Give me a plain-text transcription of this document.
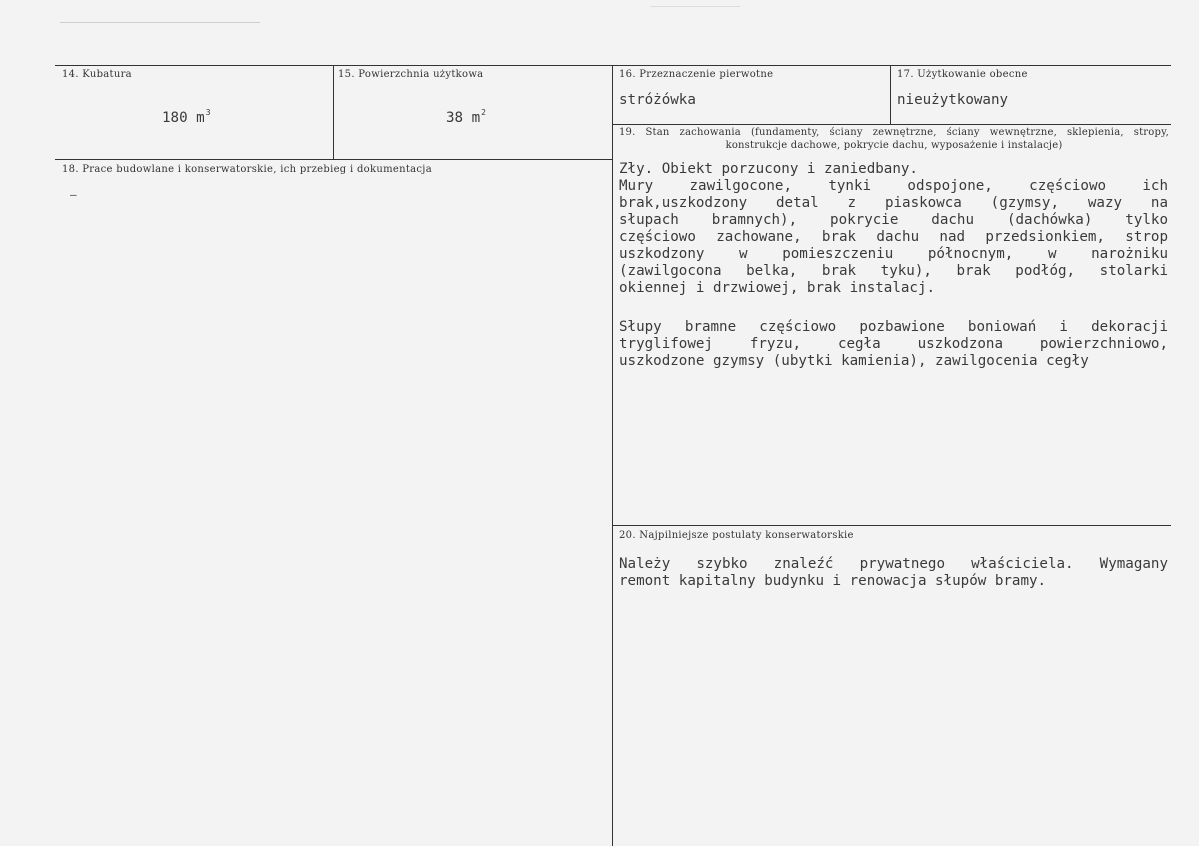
14. Kubatura
180 $m^3$
15. Powierzchnia użytkowa
38 $m^2$
16. Przeznaczenie pierwotne
stróżówka
17. Użytkowanie obecne
nieużytkowany
18. Prace budowlane i konserwatorskie, ich przebieg i dokumentacja
–
19. Stan zachowania (fundamenty, ściany zewnętrzne, ściany wewnętrzne, sklepienia, stropy, konstrukcje dachowe, pokrycie dachu, wyposażenie i instalacje)
Zły. Obiekt porzucony i zaniedbany.
Mury zawilgocone, tynki odspojone, częściowo ich
brak,uszkodzony detal z piaskowca (gzymsy, wazy na
słupach bramnych), pokrycie dachu (dachówka) tylko
częściowo zachowane, brak dachu nad przedsionkiem, strop
uszkodzony w pomieszczeniu północnym, w narożniku
(zawilgocona belka, brak tyku), brak podłóg, stolarki
okiennej i drzwiowej, brak instalacj.
Słupy bramne częściowo pozbawione boniowań i dekoracji
tryglifowej fryzu, cegła uszkodzona powierzchniowo,
uszkodzone gzymsy (ubytki kamienia), zawilgocenia cegły
20. Najpilniejsze postulaty konserwatorskie
Należy szybko znaleźć prywatnego właściciela. Wymagany
remont kapitalny budynku i renowacja słupów bramy.
